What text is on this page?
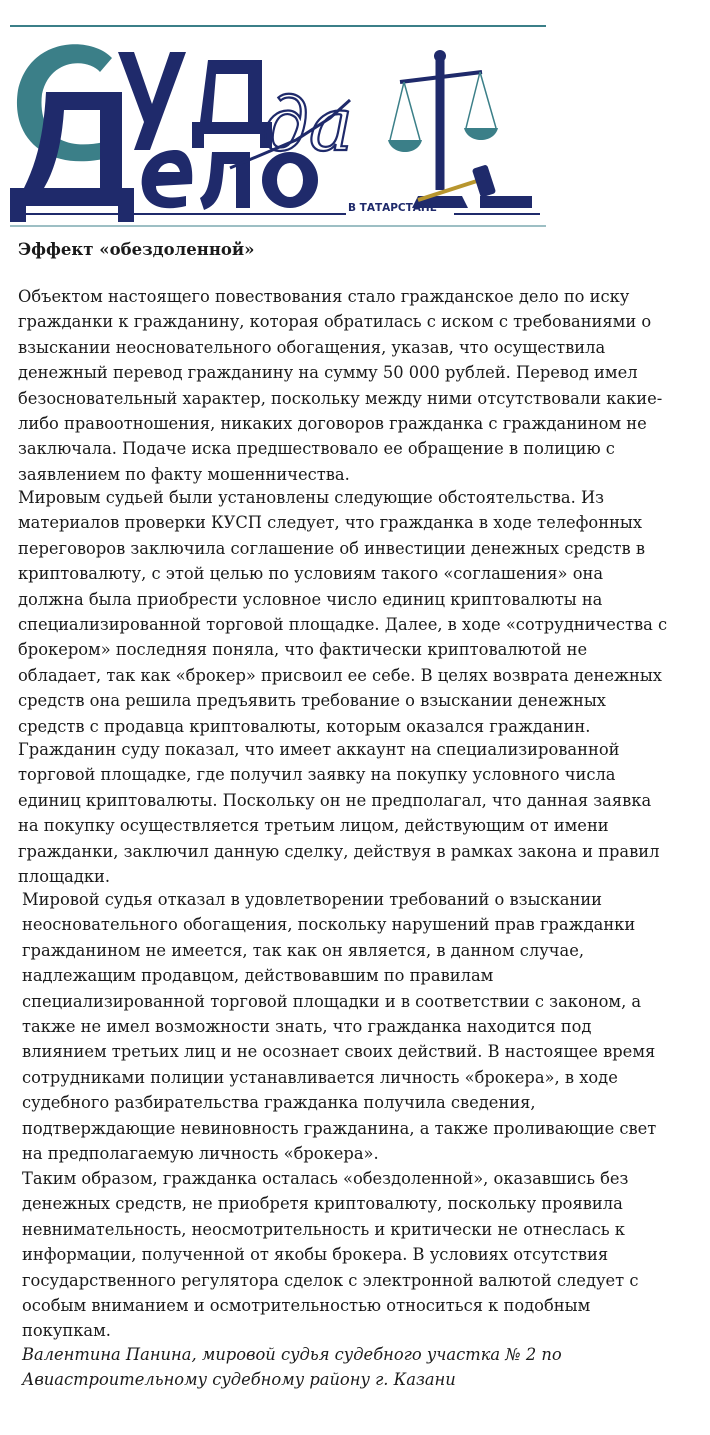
да
В ТАТАРСТАНЕ
Эффект «обездоленной»

Объектом настоящего повествования стало гражданское дело по иску гражданки к гражданину, которая обратилась с иском с требованиями о взыскании неосновательного обогащения, указав, что осуществила денежный перевод гражданину на сумму 50 000 рублей. Перевод имел безосновательный характер, поскольку между ними отсутствовали какие-либо правоотношения, никаких договоров гражданка с гражданином не заключала. Подаче иска предшествовало ее обращение в полицию с заявлением по факту мошенничества.

Мировым судьей были установлены следующие обстоятельства. Из материалов проверки КУСП следует, что гражданка в ходе телефонных переговоров заключила соглашение об инвестиции денежных средств в криптовалюту, с этой целью по условиям такого «соглашения» она должна была приобрести условное число единиц криптовалюты на специализированной торговой площадке. Далее, в ходе «сотрудничества с брокером» последняя поняла, что фактически криптовалютой не обладает, так как «брокер» присвоил ее себе. В целях возврата денежных средств она решила предъявить требование о взыскании денежных средств с продавца криптовалюты, которым оказался гражданин.

Гражданин суду показал, что имеет аккаунт на специализированной торговой площадке, где получил заявку на покупку условного числа единиц криптовалюты. Поскольку он не предполагал, что данная заявка на покупку осуществляется третьим лицом, действующим от имени гражданки, заключил данную сделку, действуя в рамках закона и правил площадки.

Мировой судья отказал в удовлетворении требований о взыскании неосновательного обогащения, поскольку нарушений прав гражданки гражданином не имеется, так как он является, в данном случае, надлежащим продавцом, действовавшим по правилам специализированной торговой площадки и в соответствии с законом, а также не имел возможности знать, что гражданка находится под влиянием третьих лиц и не осознает своих действий. В настоящее время сотрудниками полиции устанавливается личность «брокера», в ходе судебного разбирательства гражданка получила сведения, подтверждающие невиновность гражданина, а также проливающие свет на предполагаемую личность «брокера».

Таким образом, гражданка осталась «обездоленной», оказавшись без денежных средств, не приобретя криптовалюту, поскольку проявила невнимательность, неосмотрительность и критически не отнеслась к информации, полученной от якобы брокера. В условиях отсутствия государственного регулятора сделок с электронной валютой следует с особым вниманием и осмотрительностью относиться к подобным покупкам.

Валентина Панина, мировой судья судебного участка № 2 по Авиастроительному судебному району г. Казани
